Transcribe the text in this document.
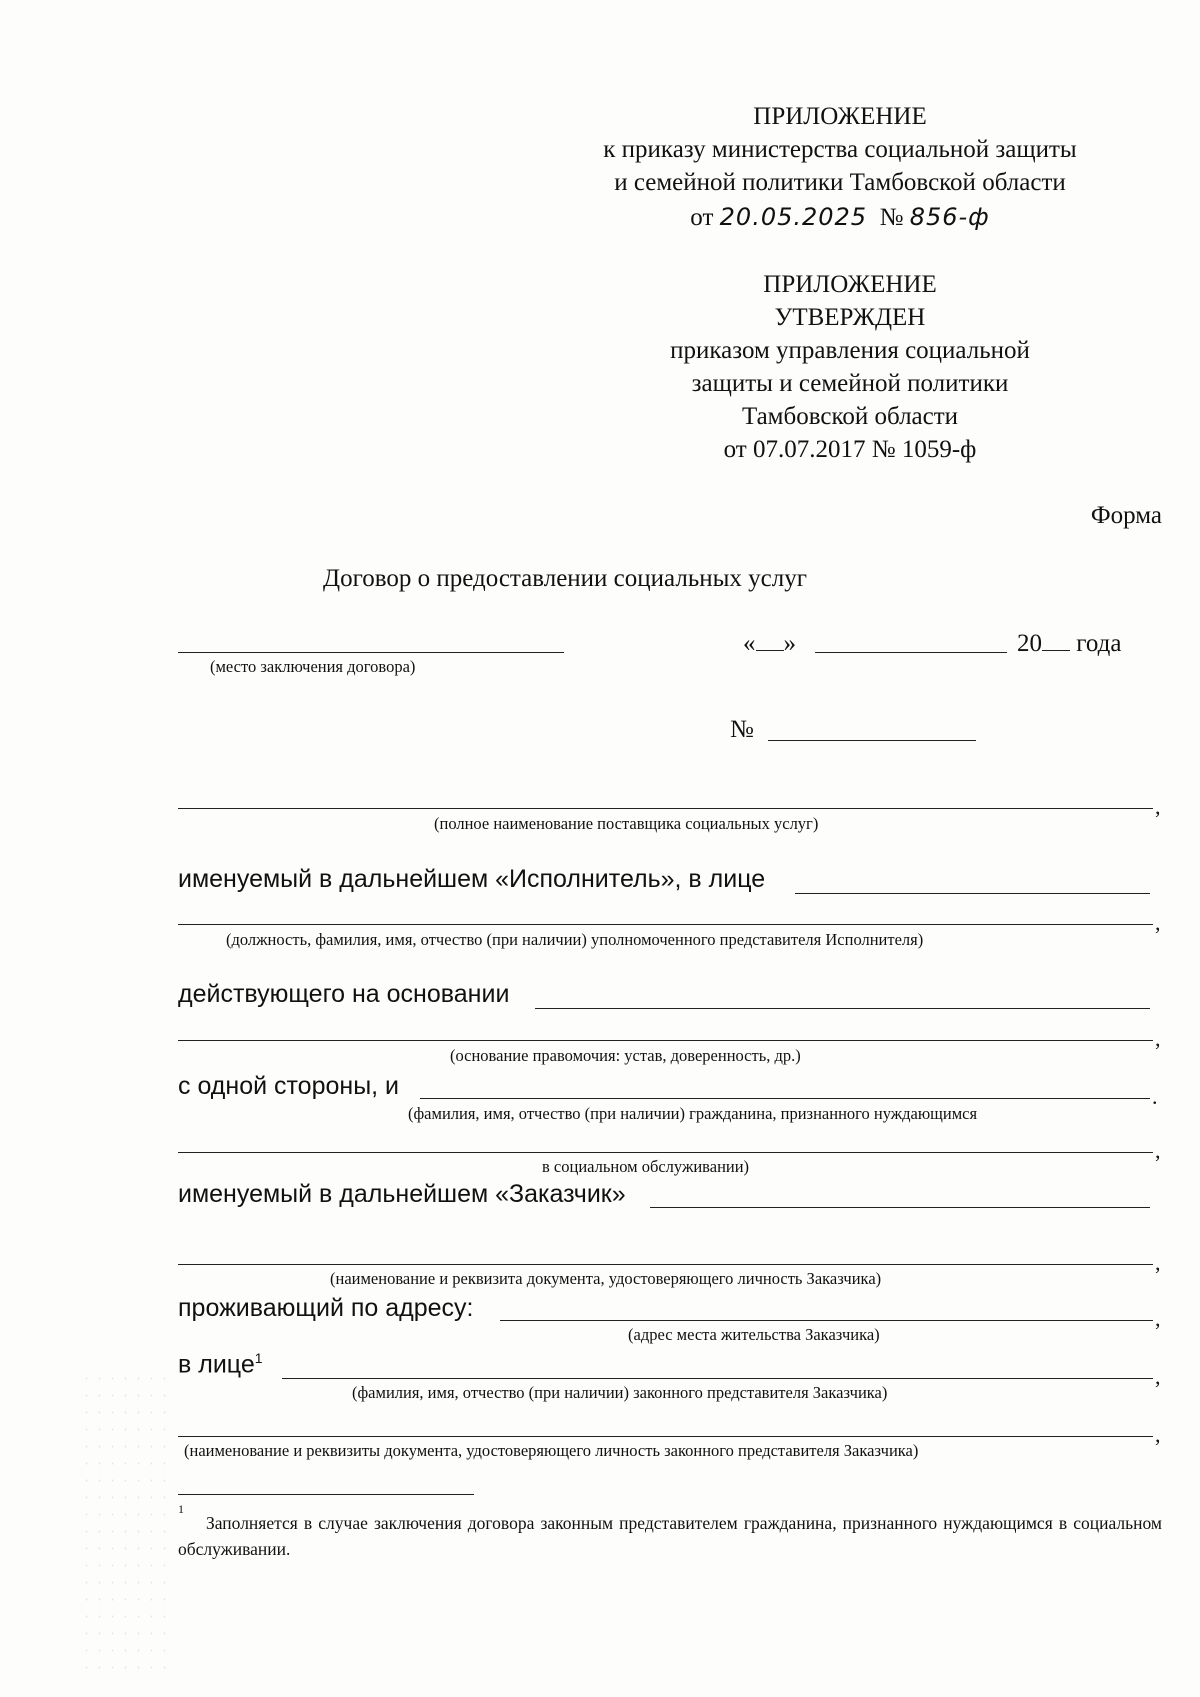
ПРИЛОЖЕНИЕ
к приказу министерства социальной защиты
и семейной политики Тамбовской области
от 20.05.2025 № 856-ф
ПРИЛОЖЕНИЕ
УТВЕРЖДЕН
приказом управления социальной
защиты и семейной политики
Тамбовской области
от 07.07.2017 № 1059-ф
Форма
Договор о предоставлении социальных услуг
(место заключения договора)
« »	20 года
№
,
(полное наименование поставщика социальных услуг)
именуемый в дальнейшем «Исполнитель», в лице
,
(должность, фамилия, имя, отчество (при наличии) уполномоченного представителя Исполнителя)
действующего на основании
,
(основание правомочия: устав, доверенность, др.)
с одной стороны, и	.
(фамилия, имя, отчество (при наличии) гражданина, признанного нуждающимся
,
в социальном обслуживании)
именуемый в дальнейшем «Заказчик»
,
(наименование и реквизита документа, удостоверяющего личность Заказчика)
проживающий по адресу:	,
(адрес места жительства Заказчика)
в лице$^1$
,
(фамилия, имя, отчество (при наличии) законного представителя Заказчика)
,
(наименование и реквизиты документа, удостоверяющего личность законного представителя Заказчика)
1
Заполняется в случае заключения договора законным представителем гражданина, признанного нуждающимся в социальном обслуживании.
